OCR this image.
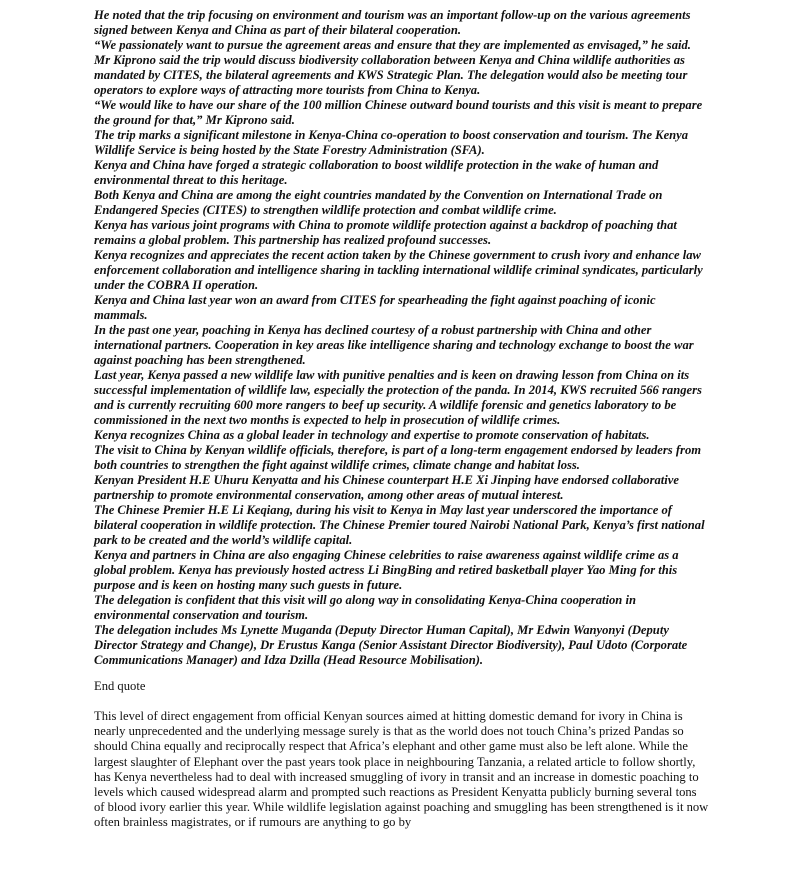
He noted that the trip focusing on environment and tourism was an important follow-up on the various agreements signed between Kenya and China as part of their bilateral cooperation.

“We passionately want to pursue the agreement areas and ensure that they are implemented as envisaged,” he said.

Mr Kiprono said the trip would discuss biodiversity collaboration between Kenya and China wildlife authorities as mandated by CITES, the bilateral agreements and KWS Strategic Plan. The delegation would also be meeting tour operators to explore ways of attracting more tourists from China to Kenya.

“We would like to have our share of the 100 million Chinese outward bound tourists and this visit is meant to prepare the ground for that,” Mr Kiprono said.

The trip marks a significant milestone in Kenya-China co-operation to boost conservation and tourism. The Kenya Wildlife Service is being hosted by the State Forestry Administration (SFA).

Kenya and China have forged a strategic collaboration to boost wildlife protection in the wake of human and environmental threat to this heritage.

Both Kenya and China are among the eight countries mandated by the Convention on International Trade on Endangered Species (CITES) to strengthen wildlife protection and combat wildlife crime.

Kenya has various joint programs with China to promote wildlife protection against a backdrop of poaching that remains a global problem. This partnership has realized profound successes.

Kenya recognizes and appreciates the recent action taken by the Chinese government to crush ivory and enhance law enforcement collaboration and intelligence sharing in tackling international wildlife criminal syndicates, particularly under the COBRA II operation.

Kenya and China last year won an award from CITES for spearheading the fight against poaching of iconic mammals.

In the past one year, poaching in Kenya has declined courtesy of a robust partnership with China and other international partners. Cooperation in key areas like intelligence sharing and technology exchange to boost the war against poaching has been strengthened.

Last year, Kenya passed a new wildlife law with punitive penalties and is keen on drawing lesson from China on its successful implementation of wildlife law, especially the protection of the panda. In 2014, KWS recruited 566 rangers and is currently recruiting 600 more rangers to beef up security. A wildlife forensic and genetics laboratory to be commissioned in the next two months is expected to help in prosecution of wildlife crimes.

Kenya recognizes China as a global leader in technology and expertise to promote conservation of habitats.

The visit to China by Kenyan wildlife officials, therefore, is part of a long-term engagement endorsed by leaders from both countries to strengthen the fight against wildlife crimes, climate change and habitat loss.

Kenyan President H.E Uhuru Kenyatta and his Chinese counterpart H.E Xi Jinping have endorsed collaborative partnership to promote environmental conservation, among other areas of mutual interest.

The Chinese Premier H.E Li Keqiang, during his visit to Kenya in May last year underscored the importance of bilateral cooperation in wildlife protection. The Chinese Premier toured Nairobi National Park, Kenya’s first national park to be created and the world’s wildlife capital.

Kenya and partners in China are also engaging Chinese celebrities to raise awareness against wildlife crime as a global problem. Kenya has previously hosted actress Li BingBing and retired basketball player Yao Ming for this purpose and is keen on hosting many such guests in future.

The delegation is confident that this visit will go along way in consolidating Kenya-China cooperation in environmental conservation and tourism.

The delegation includes Ms Lynette Muganda (Deputy Director Human Capital), Mr Edwin Wanyonyi (Deputy Director Strategy and Change), Dr Erustus Kanga (Senior Assistant Director Biodiversity), Paul Udoto (Corporate Communications Manager) and Idza Dzilla (Head Resource Mobilisation).

End quote

This level of direct engagement from official Kenyan sources aimed at hitting domestic demand for ivory in China is nearly unprecedented and the underlying message surely is that as the world does not touch China’s prized Pandas so should China equally and reciprocally respect that Africa’s elephant and other game must also be left alone. While the largest slaughter of Elephant over the past years took place in neighbouring Tanzania, a related article to follow shortly, has Kenya nevertheless had to deal with increased smuggling of ivory in transit and an increase in domestic poaching to levels which caused widespread alarm and prompted such reactions as President Kenyatta publicly burning several tons of blood ivory earlier this year. While wildlife legislation against poaching and smuggling has been strengthened is it now often brainless magistrates, or if rumours are anything to go by
